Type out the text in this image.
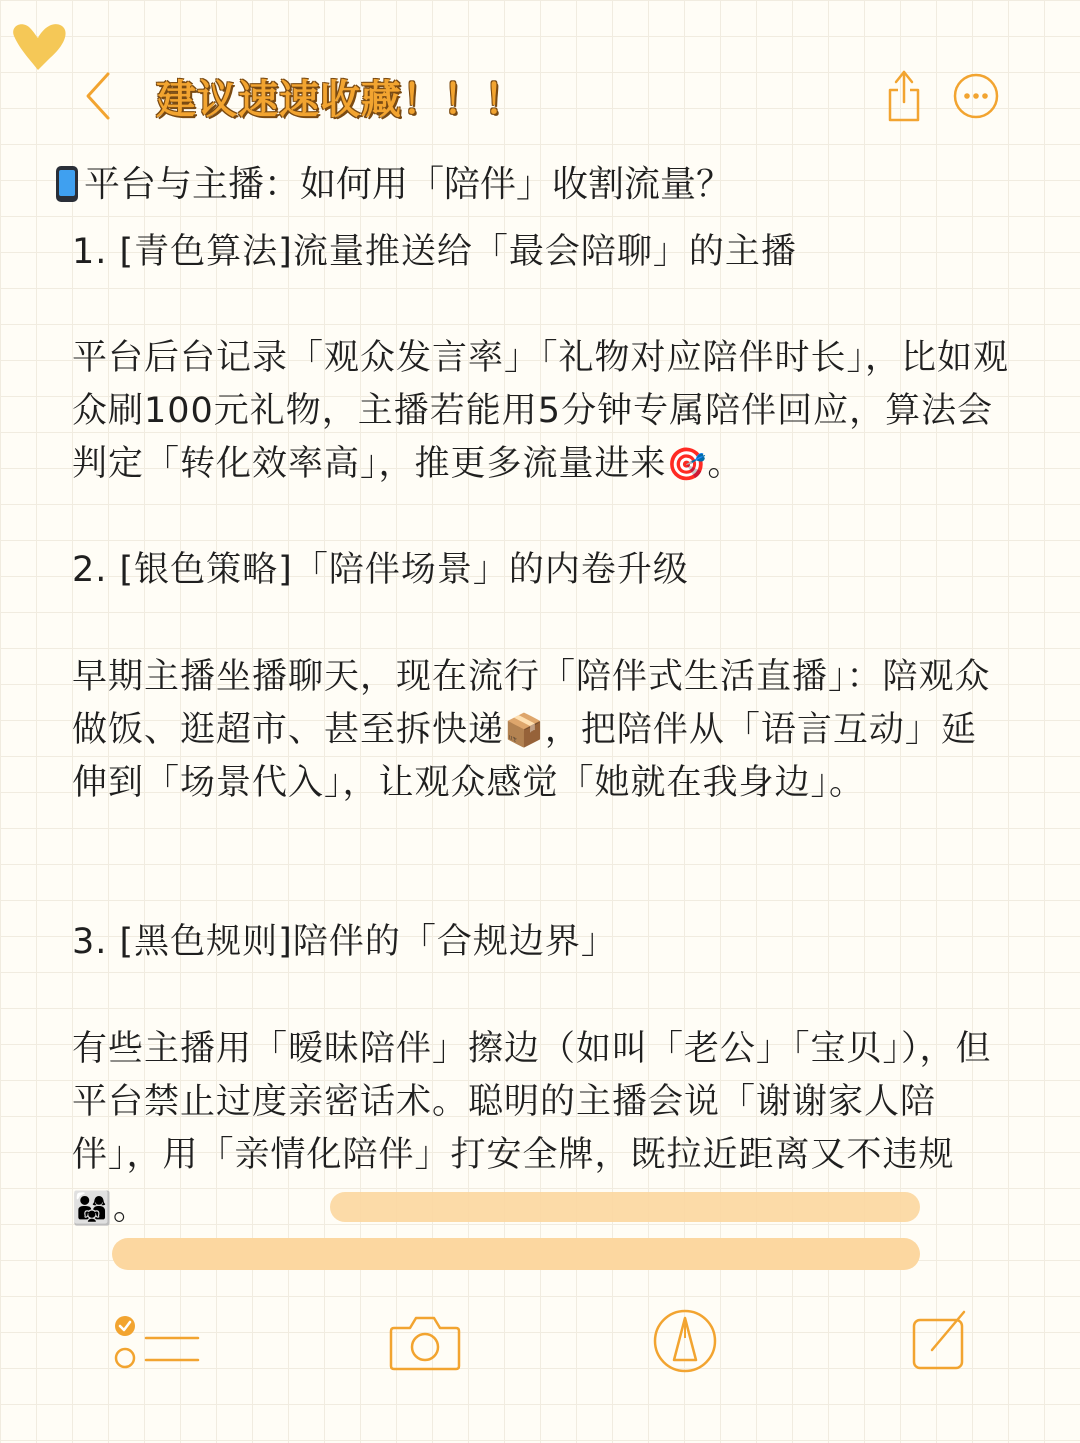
建议速速收藏！！！
平台与主播：如何用「陪伴」收割流量？
1. [青色算法]流量推送给「最会陪聊」的主播
平台后台记录「观众发言率」「礼物对应陪伴时长」，比如观众刷100元礼物，主播若能用5分钟专属陪伴回应，算法会判定「转化效率高」，推更多流量进来🎯。
2. [银色策略]「陪伴场景」的内卷升级
早期主播坐播聊天，现在流行「陪伴式生活直播」：陪观众做饭、逛超市、甚至拆快递📦，把陪伴从「语言互动」延伸到「场景代入」，让观众感觉「她就在我身边」。
3. [黑色规则]陪伴的「合规边界」
有些主播用「暧昧陪伴」擦边（如叫「老公」「宝贝」），但平台禁止过度亲密话术。聪明的主播会说「谢谢家人陪伴」，用「亲情化陪伴」打安全牌，既拉近距离又不违规👨‍👩‍👧。
